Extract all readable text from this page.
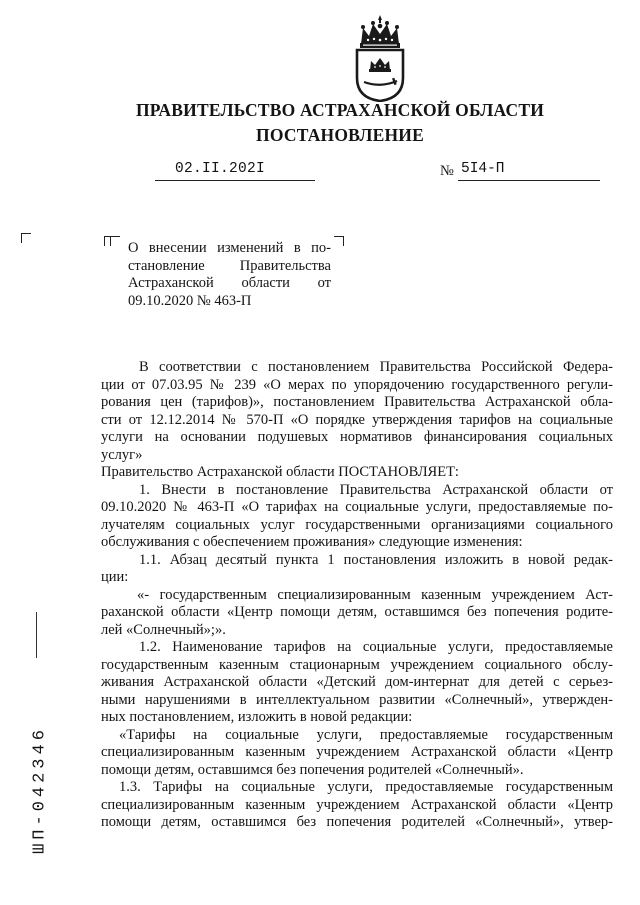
ПРАВИТЕЛЬСТВО АСТРАХАНСКОЙ ОБЛАСТИ
ПОСТАНОВЛЕНИЕ
02.II.202I	№ 5I4-П
О внесении изменений в по-
становление Правительства
Астраханской области от
09.10.2020 № 463-П
В соответствии с постановлением Правительства Российской Федера-
ции от 07.03.95 № 239 «О мерах по упорядочению государственного регули-
рования цен (тарифов)», постановлением Правительства Астраханской обла-
сти от 12.12.2014 № 570-П «О порядке утверждения тарифов на социальные
услуги на основании подушевых нормативов финансирования социальных
услуг»
Правительство Астраханской области ПОСТАНОВЛЯЕТ:
1. Внести в постановление Правительства Астраханской области от
09.10.2020 № 463-П «О тарифах на социальные услуги, предоставляемые по-
лучателям социальных услуг государственными организациями социального
обслуживания с обеспечением проживания» следующие изменения:
1.1. Абзац десятый пункта 1 постановления изложить в новой редак-
ции:
«- государственным специализированным казенным учреждением Аст-
раханской области «Центр помощи детям, оставшимся без попечения родите-
лей «Солнечный»;».
1.2. Наименование тарифов на социальные услуги, предоставляемые
государственным казенным стационарным учреждением социального обслу-
живания Астраханской области «Детский дом-интернат для детей с серьез-
ными нарушениями в интеллектуальном развитии «Солнечный», утвержден-
ных постановлением, изложить в новой редакции:
«Тарифы на социальные услуги, предоставляемые государственным
специализированным казенным учреждением Астраханской области «Центр
помощи детям, оставшимся без попечения родителей «Солнечный».
1.3. Тарифы на социальные услуги, предоставляемые государственным
специализированным казенным учреждением Астраханской области «Центр
помощи детям, оставшимся без попечения родителей «Солнечный», утвер-
ШП-042346
